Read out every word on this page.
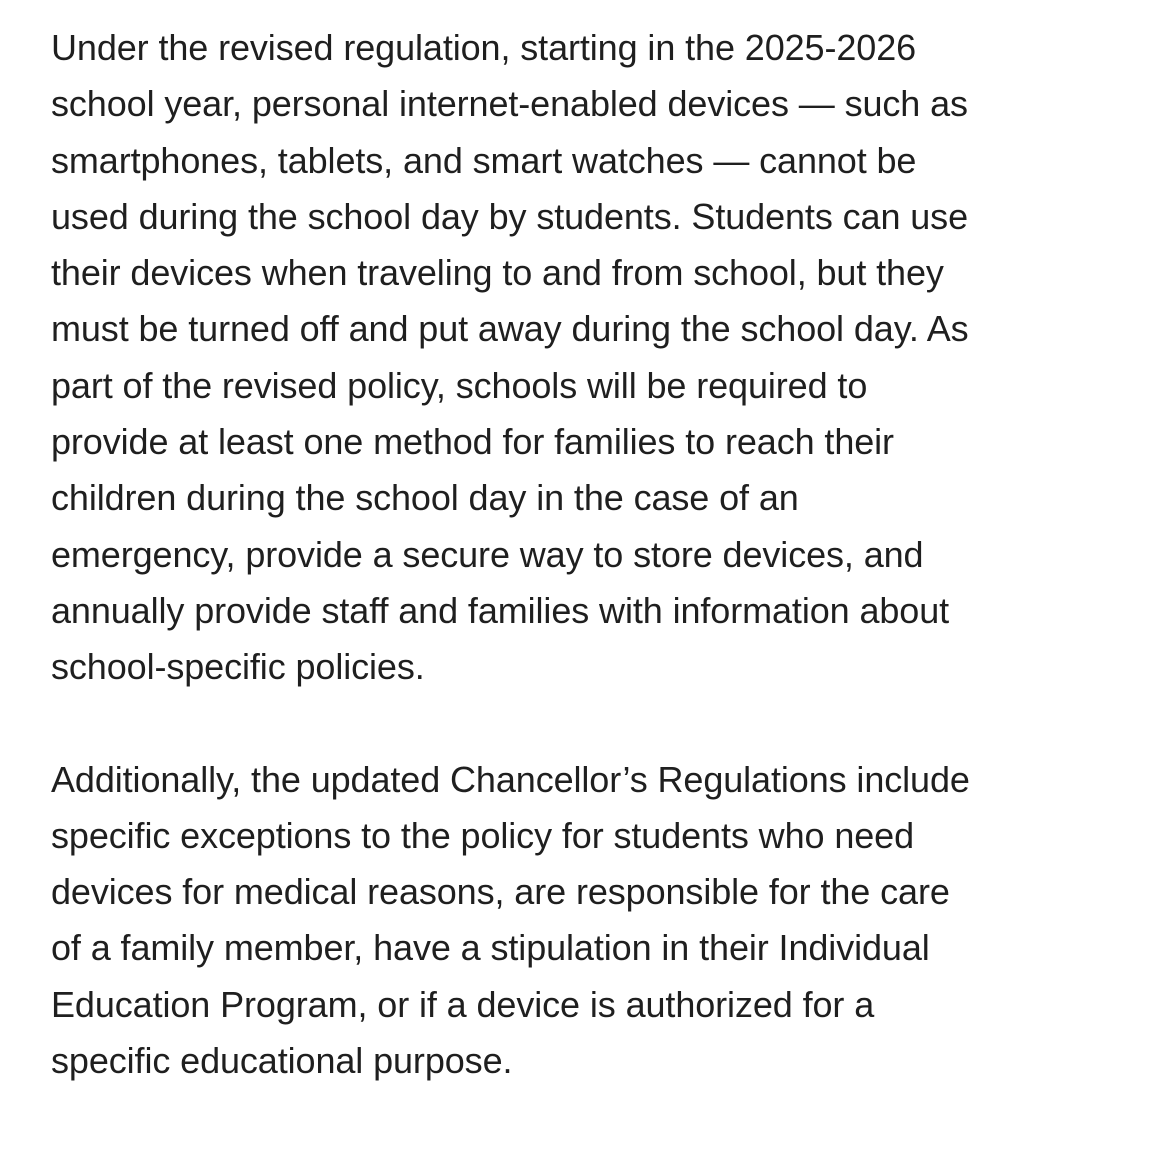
Under the revised regulation, starting in the 2025-2026
school year, personal internet-enabled devices — such as
smartphones, tablets, and smart watches — cannot be
used during the school day by students. Students can use
their devices when traveling to and from school, but they
must be turned off and put away during the school day. As
part of the revised policy, schools will be required to
provide at least one method for families to reach their
children during the school day in the case of an
emergency, provide a secure way to store devices, and
annually provide staff and families with information about
school-specific policies.

Additionally, the updated Chancellor’s Regulations include
specific exceptions to the policy for students who need
devices for medical reasons, are responsible for the care
of a family member, have a stipulation in their Individual
Education Program, or if a device is authorized for a
specific educational purpose.
